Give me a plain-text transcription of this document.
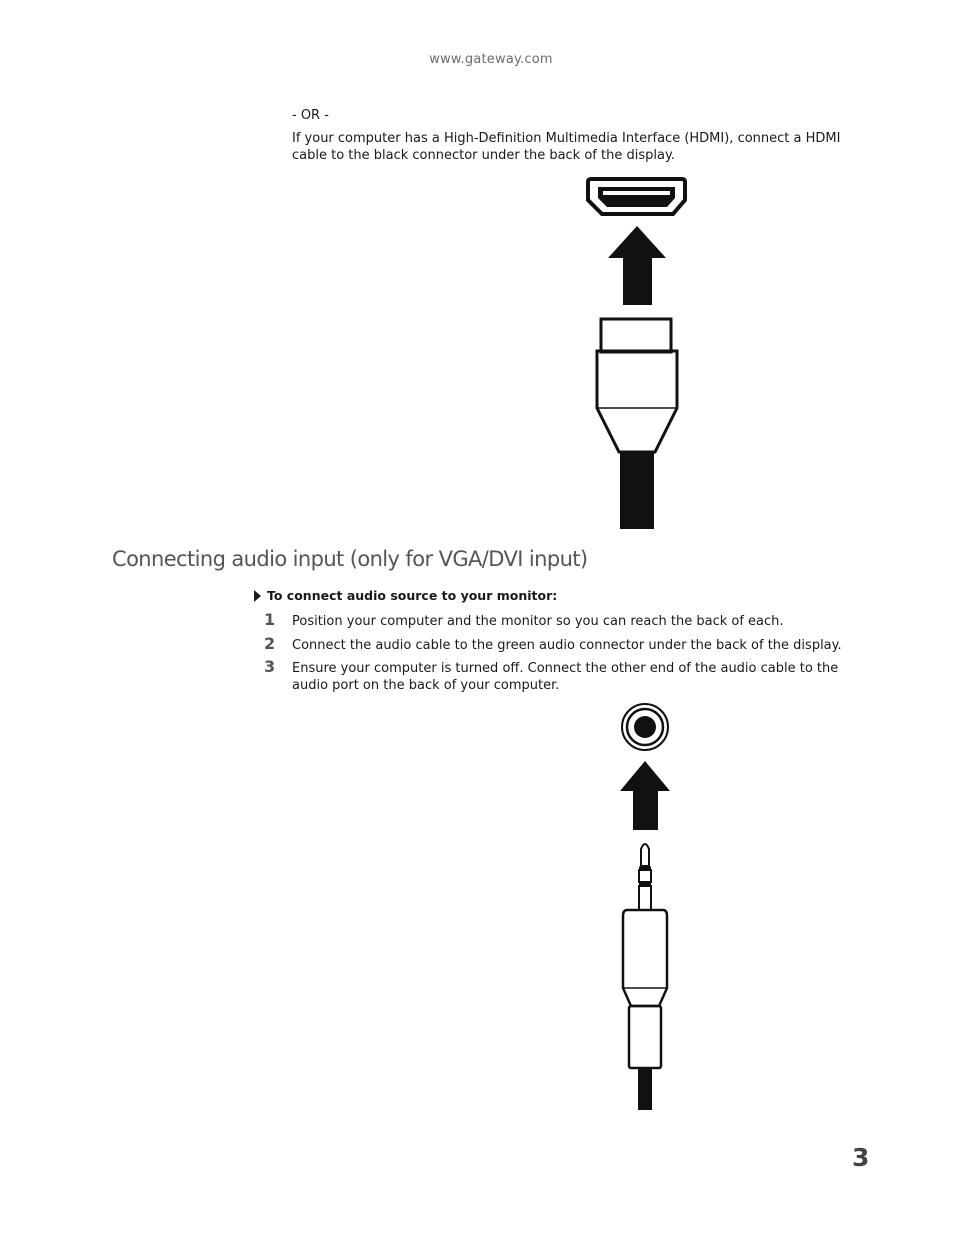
www.gateway.com
- OR -
If your computer has a High-Definition Multimedia Interface (HDMI), connect a HDMI cable to the black connector under the back of the display.
Connecting audio input (only for VGA/DVI input)
To connect audio source to your monitor:
1 Position your computer and the monitor so you can reach the back of each.
2 Connect the audio cable to the green audio connector under the back of the display.
3 Ensure your computer is turned off. Connect the other end of the audio cable to the audio port on the back of your computer.
3
